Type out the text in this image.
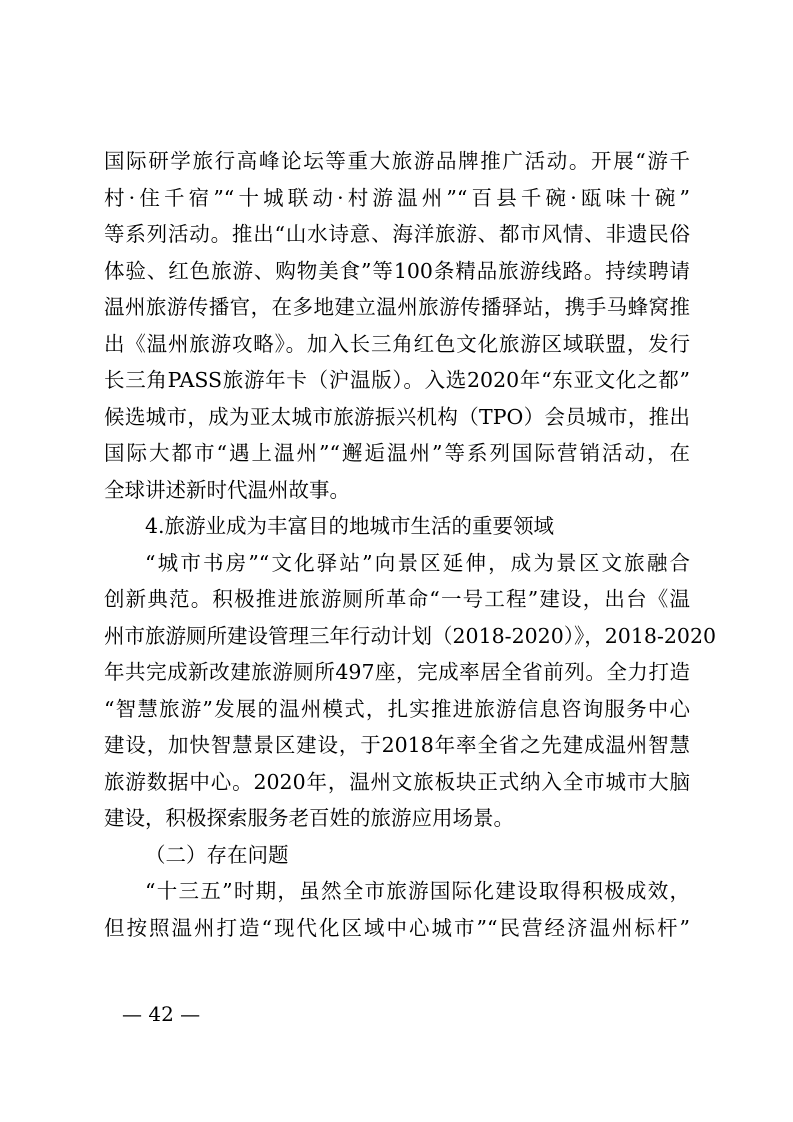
国际研学旅行高峰论坛等重大旅游品牌推广活动。开展“游千
村·住千宿”“十城联动·村游温州”“百县千碗·瓯味十碗”
等系列活动。推出“山水诗意、海洋旅游、都市风情、非遗民俗
体验、红色旅游、购物美食”等100条精品旅游线路。持续聘请
温州旅游传播官，在多地建立温州旅游传播驿站，携手马蜂窝推
出《温州旅游攻略》。加入长三角红色文化旅游区域联盟，发行
长三角PASS旅游年卡（沪温版）。入选2020年“东亚文化之都”
候选城市，成为亚太城市旅游振兴机构（TPO）会员城市，推出
国际大都市“遇上温州”“邂逅温州”等系列国际营销活动，在
全球讲述新时代温州故事。
4.旅游业成为丰富目的地城市生活的重要领域
“城市书房”“文化驿站”向景区延伸，成为景区文旅融合
创新典范。积极推进旅游厕所革命“一号工程”建设，出台《温
州市旅游厕所建设管理三年行动计划（2018-2020）》，2018-2020
年共完成新改建旅游厕所497座，完成率居全省前列。全力打造
“智慧旅游”发展的温州模式，扎实推进旅游信息咨询服务中心
建设，加快智慧景区建设，于2018年率全省之先建成温州智慧
旅游数据中心。2020年，温州文旅板块正式纳入全市城市大脑
建设，积极探索服务老百姓的旅游应用场景。
（二）存在问题
“十三五”时期，虽然全市旅游国际化建设取得积极成效，
但按照温州打造“现代化区域中心城市”“民营经济温州标杆”
— 42 —
